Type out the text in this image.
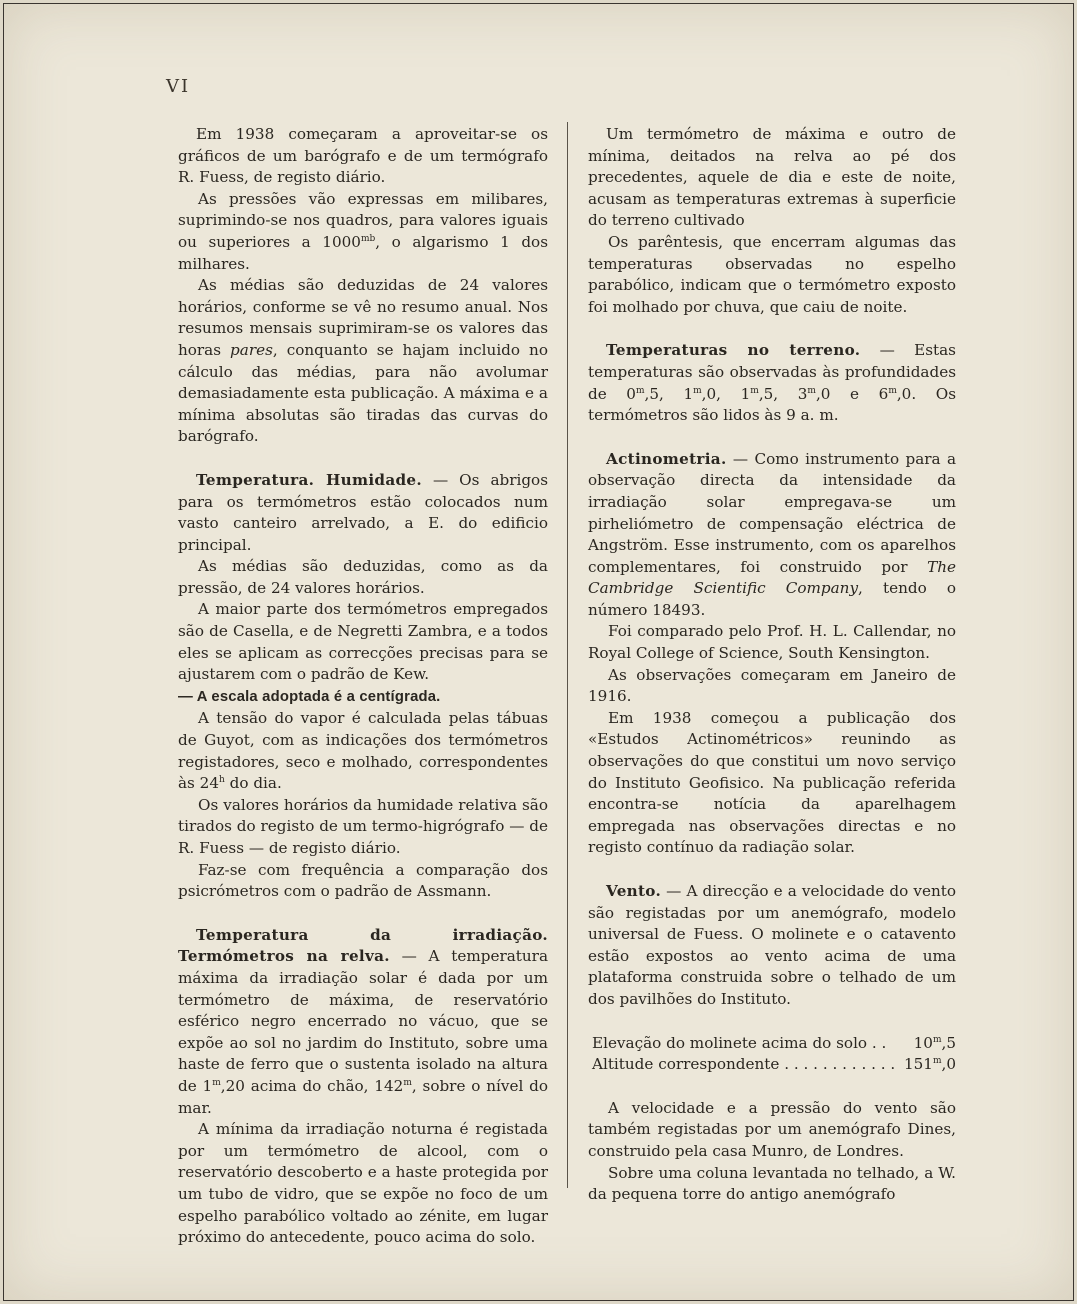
VI

Em 1938 começaram a aproveitar-se os gráficos de um barógrafo e de um termógrafo R. Fuess, de registo diário.

As pressões vão expressas em milibares, suprimindo-se nos quadros, para valores iguais ou superiores a $1000^{mb}$, o algarismo 1 dos milhares.

As médias são deduzidas de 24 valores horários, conforme se vê no resumo anual. Nos resumos mensais suprimiram-se os valores das horas pares, conquanto se hajam incluido no cálculo das médias, para não avolumar demasiadamente esta publicação. A máxima e a mínima absolutas são tiradas das curvas do barógrafo.

Temperatura. Humidade. — Os abrigos para os termómetros estão colocados num vasto canteiro arrelvado, a E. do edificio principal.

As médias são deduzidas, como as da pressão, de 24 valores horários.

A maior parte dos termómetros empregados são de Casella, e de Negretti Zambra, e a todos eles se aplicam as correcções precisas para se ajustarem com o padrão de Kew.

— A escala adoptada é a centígrada.

A tensão do vapor é calculada pelas tábuas de Guyot, com as indicações dos termómetros registadores, seco e molhado, correspondentes às 24$^h$ do dia.

Os valores horários da humidade relativa são tirados do registo de um termo-higrógrafo — de R. Fuess — de registo diário.

Faz-se com frequência a comparação dos psicrómetros com o padrão de Assmann.

Temperatura da irradiação. Termómetros na relva. — A temperatura máxima da irradiação solar é dada por um termómetro de máxima, de reservatório esférico negro encerrado no vácuo, que se expõe ao sol no jardim do Instituto, sobre uma haste de ferro que o sustenta isolado na altura de 1$^m$,20 acima do chão, 142$^m$, sobre o nível do mar.

A mínima da irradiação noturna é registada por um termómetro de alcool, com o reservatório descoberto e a haste protegida por um tubo de vidro, que se expõe no foco de um espelho parabólico voltado ao zénite, em lugar próximo do antecedente, pouco acima do solo.

Um termómetro de máxima e outro de mínima, deitados na relva ao pé dos precedentes, aquele de dia e este de noite, acusam as temperaturas extremas à superficie do terreno cultivado

Os parêntesis, que encerram algumas das temperaturas observadas no espelho parabólico, indicam que o termómetro exposto foi molhado por chuva, que caiu de noite.

Temperaturas no terreno. — Estas temperaturas são observadas às profundidades de 0$^m$,5, 1$^m$,0, 1$^m$,5, 3$^m$,0 e 6$^m$,0. Os termómetros são lidos às 9 a. m.

Actinometria. — Como instrumento para a observação directa da intensidade da irradiação solar empregava-se um pirheliómetro de compensação eléctrica de Angström. Esse instrumento, com os aparelhos complementares, foi construido por The Cambridge Scientific Company, tendo o número 18493.

Foi comparado pelo Prof. H. L. Callendar, no Royal College of Science, South Kensington.

As observações começaram em Janeiro de 1916.

Em 1938 começou a publicação dos «Estudos Actinométricos» reunindo as observações do que constitui um novo serviço do Instituto Geofisico. Na publicação referida encontra-se notícia da aparelhagem empregada nas observações directas e no registo contínuo da radiação solar.

Vento. — A direcção e a velocidade do vento são registadas por um anemógrafo, modelo universal de Fuess. O molinete e o catavento estão expostos ao vento acima de uma plataforma construida sobre o telhado de um dos pavilhões do Instituto.

Elevação do molinete acima do solo . . 10$^m$,5
Altitude correspondente . . . . . . . . . . . . 151$^m$,0

A velocidade e a pressão do vento são também registadas por um anemógrafo Dines, construido pela casa Munro, de Londres.

Sobre uma coluna levantada no telhado, a W. da pequena torre do antigo anemógrafo
